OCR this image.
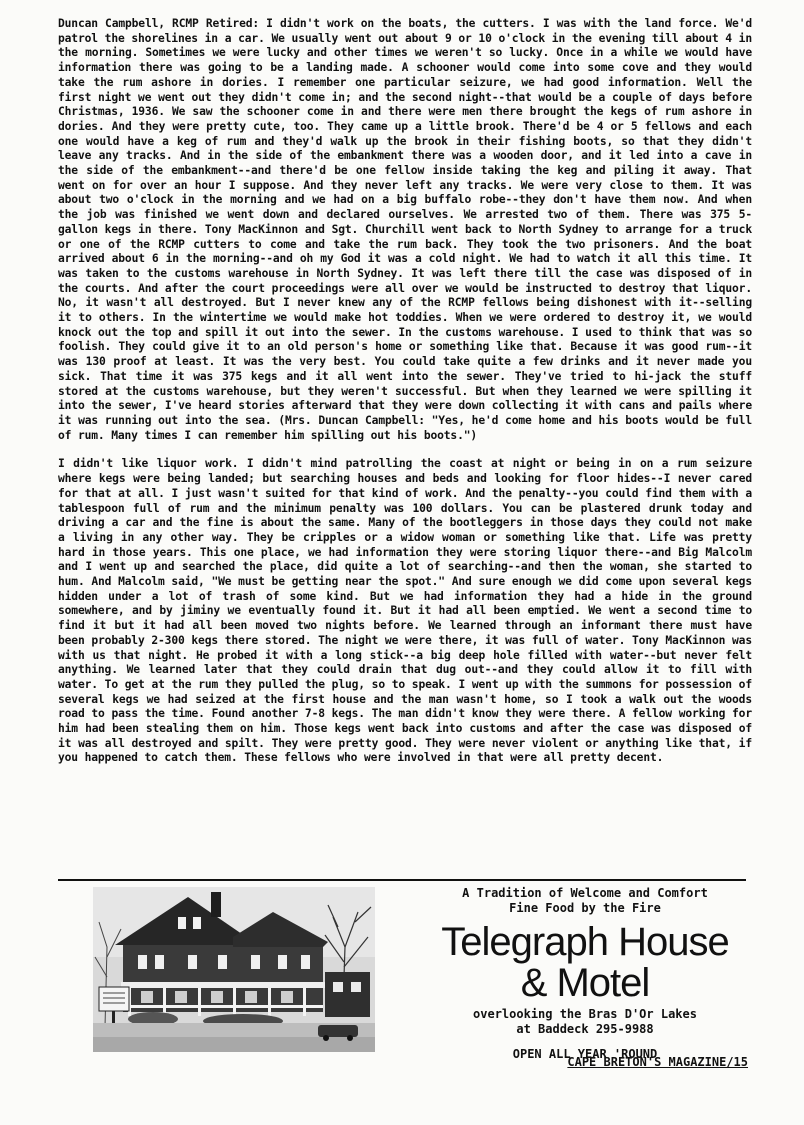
Duncan Campbell, RCMP Retired: I didn't work on the boats, the cutters. I was with the land force. We'd patrol the shorelines in a car. We usually went out about 9 or 10 o'clock in the evening till about 4 in the morning. Sometimes we were lucky and other times we weren't so lucky. Once in a while we would have information there was going to be a landing made. A schooner would come into some cove and they would take the rum ashore in dories. I remember one particular seizure, we had good information. Well the first night we went out they didn't come in; and the second night--that would be a couple of days before Christmas, 1936. We saw the schooner come in and there were men there brought the kegs of rum ashore in dories. And they were pretty cute, too. They came up a little brook. There'd be 4 or 5 fellows and each one would have a keg of rum and they'd walk up the brook in their fishing boots, so that they didn't leave any tracks. And in the side of the embankment there was a wooden door, and it led into a cave in the side of the embankment--and there'd be one fellow inside taking the keg and piling it away. That went on for over an hour I suppose. And they never left any tracks. We were very close to them. It was about two o'clock in the morning and we had on a big buffalo robe--they don't have them now. And when the job was finished we went down and declared ourselves. We arrested two of them. There was 375 5-gallon kegs in there. Tony MacKinnon and Sgt. Churchill went back to North Sydney to arrange for a truck or one of the RCMP cutters to come and take the rum back. They took the two prisoners. And the boat arrived about 6 in the morning--and oh my God it was a cold night. We had to watch it all this time. It was taken to the customs warehouse in North Sydney. It was left there till the case was disposed of in the courts. And after the court proceedings were all over we would be instructed to destroy that liquor. No, it wasn't all destroyed. But I never knew any of the RCMP fellows being dishonest with it--selling it to others. In the wintertime we would make hot toddies. When we were ordered to destroy it, we would knock out the top and spill it out into the sewer. In the customs warehouse. I used to think that was so foolish. They could give it to an old person's home or something like that. Because it was good rum--it was 130 proof at least. It was the very best. You could take quite a few drinks and it never made you sick. That time it was 375 kegs and it all went into the sewer. They've tried to hi-jack the stuff stored at the customs warehouse, but they weren't successful. But when they learned we were spilling it into the sewer, I've heard stories afterward that they were down collecting it with cans and pails where it was running out into the sea. (Mrs. Duncan Campbell: "Yes, he'd come home and his boots would be full of rum. Many times I can remember him spilling out his boots.")

I didn't like liquor work. I didn't mind patrolling the coast at night or being in on a rum seizure where kegs were being landed; but searching houses and beds and looking for floor hides--I never cared for that at all. I just wasn't suited for that kind of work. And the penalty--you could find them with a tablespoon full of rum and the minimum penalty was 100 dollars. You can be plastered drunk today and driving a car and the fine is about the same. Many of the bootleggers in those days they could not make a living in any other way. They be cripples or a widow woman or something like that. Life was pretty hard in those years. This one place, we had information they were storing liquor there--and Big Malcolm and I went up and searched the place, did quite a lot of searching--and then the woman, she started to hum. And Malcolm said, "We must be getting near the spot." And sure enough we did come upon several kegs hidden under a lot of trash of some kind. But we had information they had a hide in the ground somewhere, and by jiminy we eventually found it. But it had all been emptied. We went a second time to find it but it had all been moved two nights before. We learned through an informant there must have been probably 2-300 kegs there stored. The night we were there, it was full of water. Tony MacKinnon was with us that night. He probed it with a long stick--a big deep hole filled with water--but never felt anything. We learned later that they could drain that dug out--and they could allow it to fill with water. To get at the rum they pulled the plug, so to speak. I went up with the summons for possession of several kegs we had seized at the first house and the man wasn't home, so I took a walk out the woods road to pass the time. Found another 7-8 kegs. The man didn't know they were there. A fellow working for him had been stealing them on him. Those kegs went back into customs and after the case was disposed of it was all destroyed and spilt. They were pretty good. They were never violent or anything like that, if you happened to catch them. These fellows who were involved in that were all pretty decent.

A Tradition of Welcome and Comfort
Fine Food by the Fire
Telegraph House
& Motel
overlooking the Bras D'Or Lakes
at Baddeck 295-9988
OPEN ALL YEAR 'ROUND
CAPE BRETON'S MAGAZINE/15
